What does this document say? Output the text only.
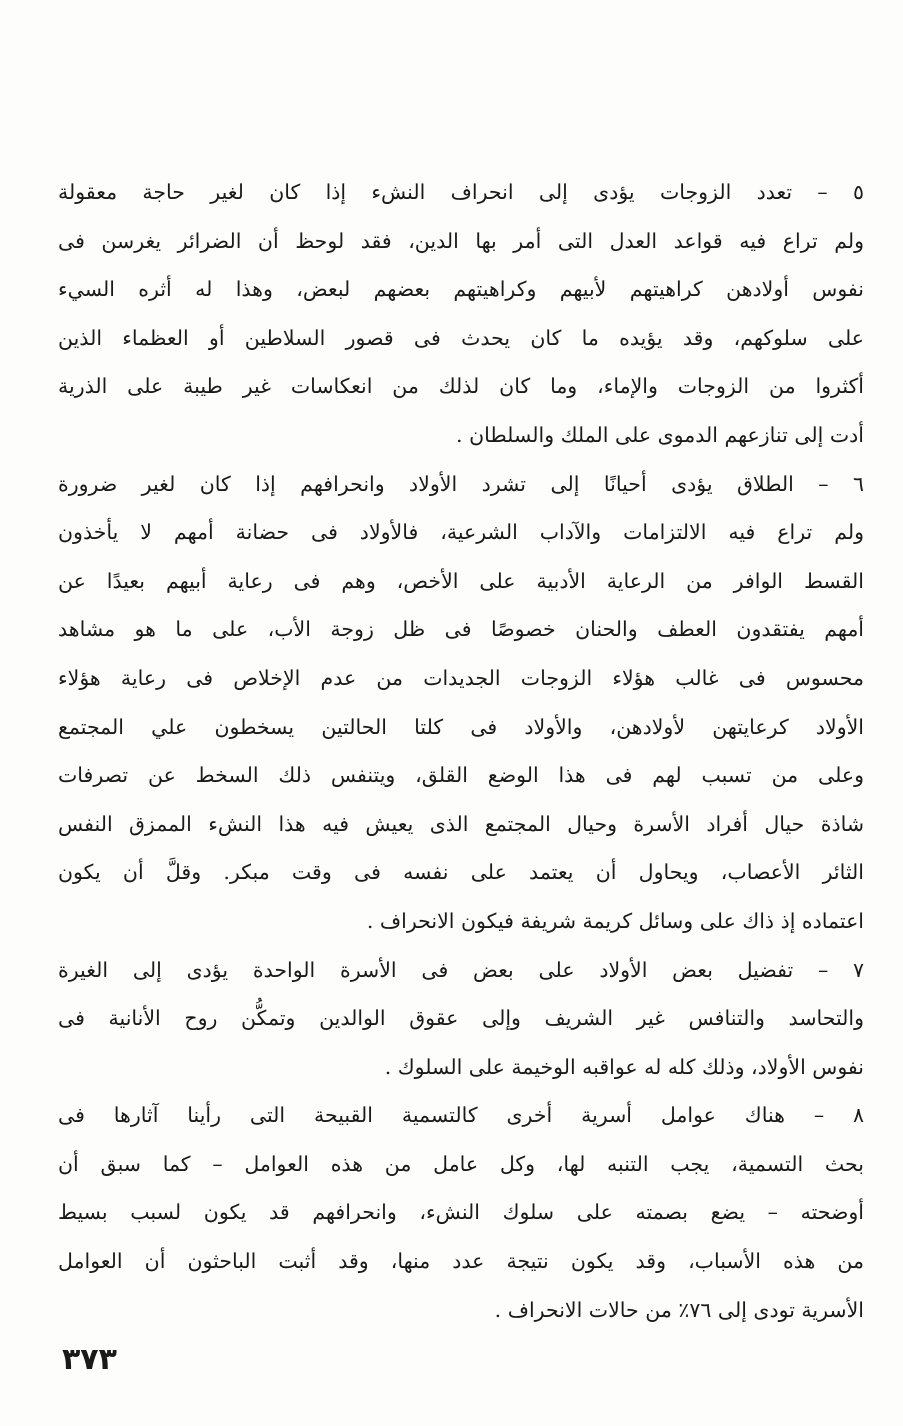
٥ – تعدد الزوجات يؤدى إلى انحراف النشء إذا كان لغير حاجة معقولة
ولم تراع فيه قواعد العدل التى أمر بها الدين، فقد لوحظ أن الضرائر يغرسن فى
نفوس أولادهن كراهيتهم لأبيهم وكراهيتهم بعضهم لبعض، وهذا له أثره السيء
على سلوكهم، وقد يؤيده ما كان يحدث فى قصور السلاطين أو العظماء الذين
أكثروا من الزوجات والإماء، وما كان لذلك من انعكاسات غير طيبة على الذرية
أدت إلى تنازعهم الدموى على الملك والسلطان .
٦ – الطلاق يؤدى أحيانًا إلى تشرد الأولاد وانحرافهم إذا كان لغير ضرورة
ولم تراع فيه الالتزامات والآداب الشرعية، فالأولاد فى حضانة أمهم لا يأخذون
القسط الوافر من الرعاية الأدبية على الأخص، وهم فى رعاية أبيهم بعيدًا عن
أمهم يفتقدون العطف والحنان خصوصًا فى ظل زوجة الأب، على ما هو مشاهد
محسوس فى غالب هؤلاء الزوجات الجديدات من عدم الإخلاص فى رعاية هؤلاء
الأولاد كرعايتهن لأولادهن، والأولاد فى كلتا الحالتين يسخطون علي المجتمع
وعلى من تسبب لهم فى هذا الوضع القلق، ويتنفس ذلك السخط عن تصرفات
شاذة حيال أفراد الأسرة وحيال المجتمع الذى يعيش فيه هذا النشء الممزق النفس
الثائر الأعصاب، ويحاول أن يعتمد على نفسه فى وقت مبكر. وقلَّ أن يكون
اعتماده إذ ذاك على وسائل كريمة شريفة فيكون الانحراف .
٧ – تفضيل بعض الأولاد على بعض فى الأسرة الواحدة يؤدى إلى الغيرة
والتحاسد والتنافس غير الشريف وإلى عقوق الوالدين وتمكُّن روح الأنانية فى
نفوس الأولاد، وذلك كله له عواقبه الوخيمة على السلوك .
٨ – هناك عوامل أسرية أخرى كالتسمية القبيحة التى رأينا آثارها فى
بحث التسمية، يجب التنبه لها، وكل عامل من هذه العوامل – كما سبق أن
أوضحته – يضع بصمته على سلوك النشء، وانحرافهم قد يكون لسبب بسيط
من هذه الأسباب، وقد يكون نتيجة عدد منها، وقد أثبت الباحثون أن العوامل
الأسرية تودى إلى ٧٦٪ من حالات الانحراف .
٣٧٣
